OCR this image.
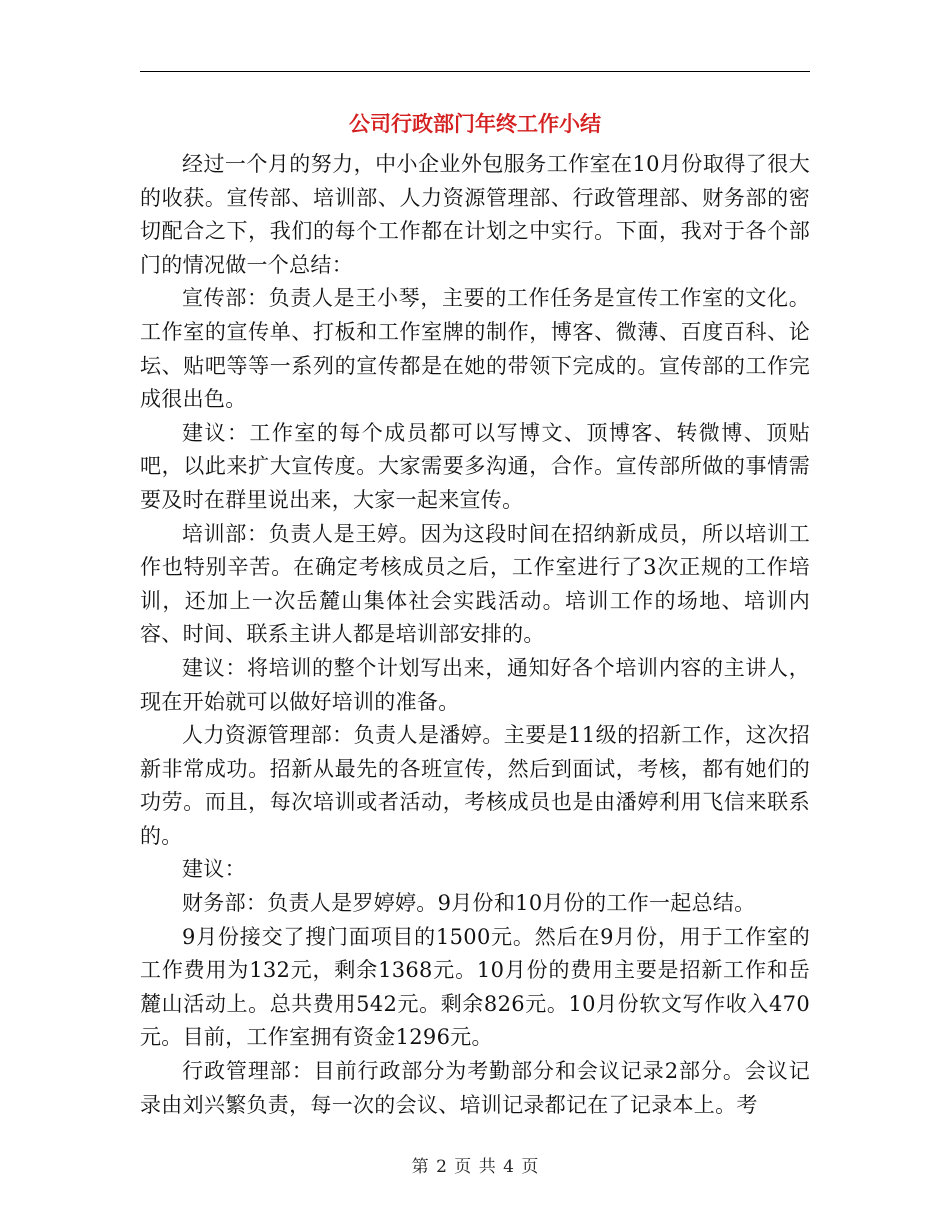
公司行政部门年终工作小结

经过一个月的努力，中小企业外包服务工作室在10月份取得了很大的收获。宣传部、培训部、人力资源管理部、行政管理部、财务部的密切配合之下，我们的每个工作都在计划之中实行。下面，我对于各个部门的情况做一个总结：

宣传部：负责人是王小琴，主要的工作任务是宣传工作室的文化。工作室的宣传单、打板和工作室牌的制作，博客、微薄、百度百科、论坛、贴吧等等一系列的宣传都是在她的带领下完成的。宣传部的工作完成很出色。

建议：工作室的每个成员都可以写博文、顶博客、转微博、顶贴吧，以此来扩大宣传度。大家需要多沟通，合作。宣传部所做的事情需要及时在群里说出来，大家一起来宣传。

培训部：负责人是王婷。因为这段时间在招纳新成员，所以培训工作也特别辛苦。在确定考核成员之后，工作室进行了3次正规的工作培训，还加上一次岳麓山集体社会实践活动。培训工作的场地、培训内容、时间、联系主讲人都是培训部安排的。

建议：将培训的整个计划写出来，通知好各个培训内容的主讲人，现在开始就可以做好培训的准备。

人力资源管理部：负责人是潘婷。主要是11级的招新工作，这次招新非常成功。招新从最先的各班宣传，然后到面试，考核，都有她们的功劳。而且，每次培训或者活动，考核成员也是由潘婷利用飞信来联系的。

建议：

财务部：负责人是罗婷婷。9月份和10月份的工作一起总结。

9月份接交了搜门面项目的1500元。然后在9月份，用于工作室的工作费用为132元，剩余1368元。10月份的费用主要是招新工作和岳麓山活动上。总共费用542元。剩余826元。10月份软文写作收入470元。目前，工作室拥有资金1296元。

行政管理部：目前行政部分为考勤部分和会议记录2部分。会议记录由刘兴繁负责，每一次的会议、培训记录都记在了记录本上。考

第 2 页 共 4 页
